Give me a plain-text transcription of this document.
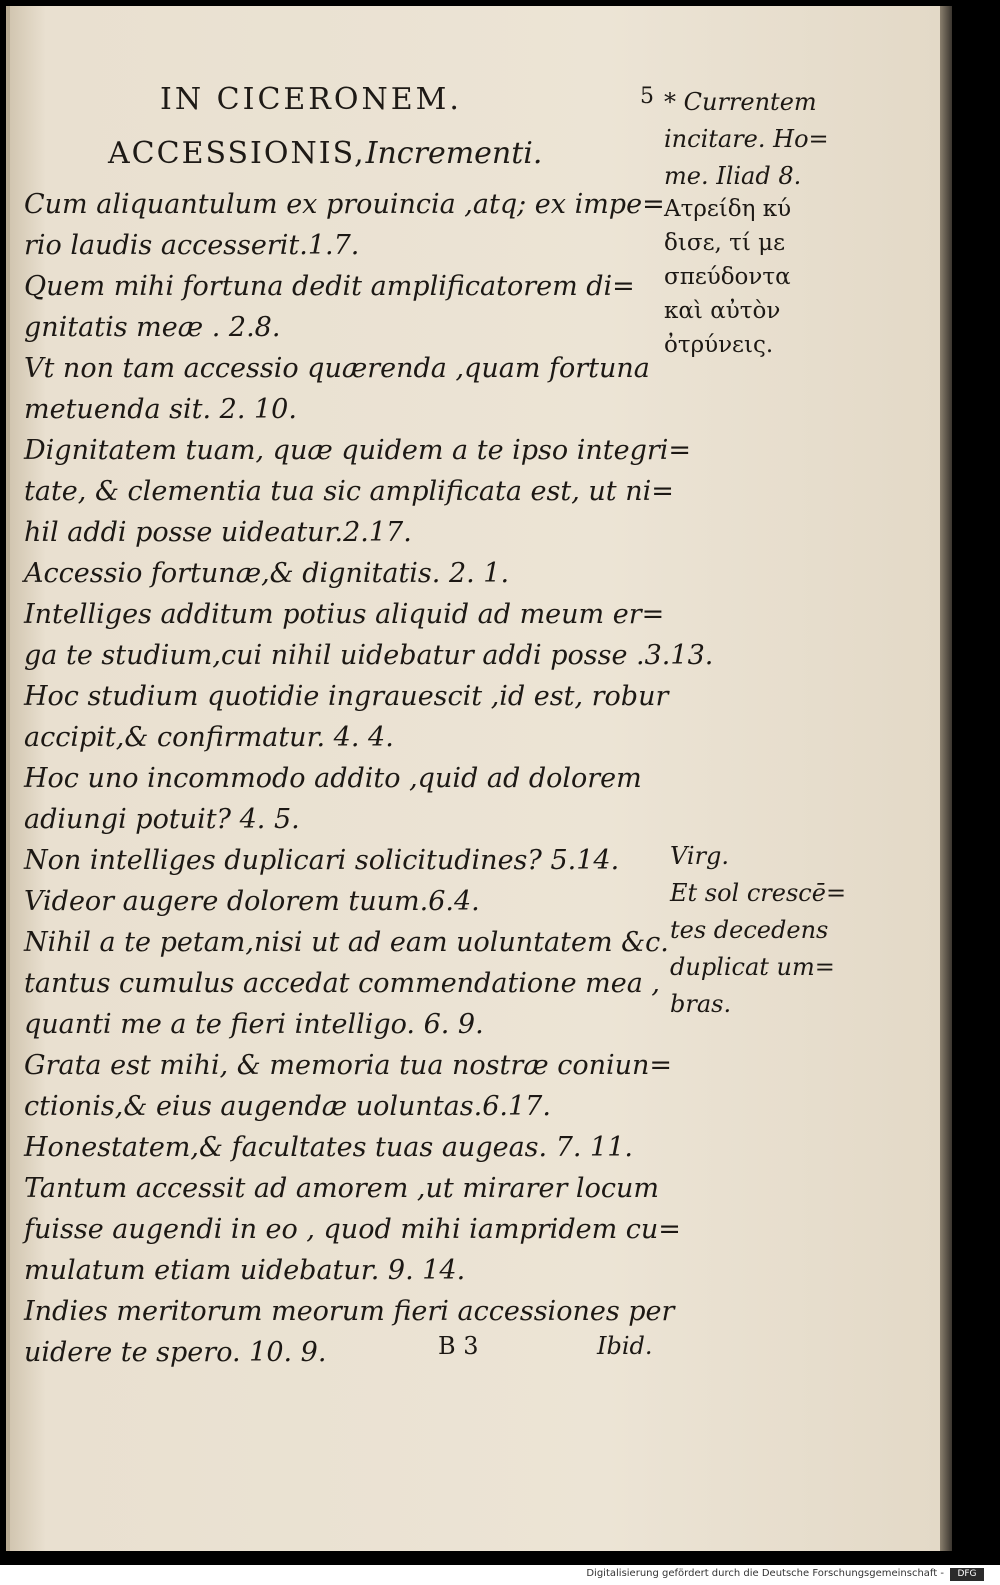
IN CICERONEM.	5
ACCESSIONIS,Incrementi.
Cum aliquantulum ex prouincia ,atq; ex impe=
rio laudis accesserit.1.7.
Quem mihi fortuna dedit amplificatorem di=
gnitatis meæ . 2.8.
Vt non tam accessio quærenda ,quam fortuna
metuenda sit. 2. 10.
Dignitatem tuam, quæ quidem a te ipso integri=
tate, & clementia tua sic amplificata est, ut ni=
hil addi posse uideatur.2.17.
Accessio fortunæ,& dignitatis. 2. 1.
Intelliges additum potius aliquid ad meum er=
ga te studium,cui nihil uidebatur addi posse .3.13.
Hoc studium quotidie ingrauescit ,id est, robur
accipit,& confirmatur. 4. 4.
Hoc uno incommodo addito ,quid ad dolorem
adiungi potuit? 4. 5.
Non intelliges duplicari solicitudines? 5.14.
Videor augere dolorem tuum.6.4.
Nihil a te petam,nisi ut ad eam uoluntatem &c.
tantus cumulus accedat commendatione mea ,
quanti me a te fieri intelligo. 6. 9.
Grata est mihi, & memoria tua nostræ coniun=
ctionis,& eius augendæ uoluntas.6.17.
Honestatem,& facultates tuas augeas. 7. 11.
Tantum accessit ad amorem ,ut mirarer locum
fuisse augendi in eo , quod mihi iampridem cu=
mulatum etiam uidebatur. 9. 14.
Indies meritorum meorum fieri accessiones per
uidere te spero. 10. 9.
* Currentem
incitare. Ho=
me. Iliad 8.
Ατρείδη κύ
δισε, τί με
σπεύδοντα
καὶ αὐτὸν
ὀτρύνεις.
Virg.
Et sol crescē=
tes decedens
duplicat um=
bras.
B 3	Ibid.
Digitalisierung gefördert durch die Deutsche Forschungsgemeinschaft -	DFG
